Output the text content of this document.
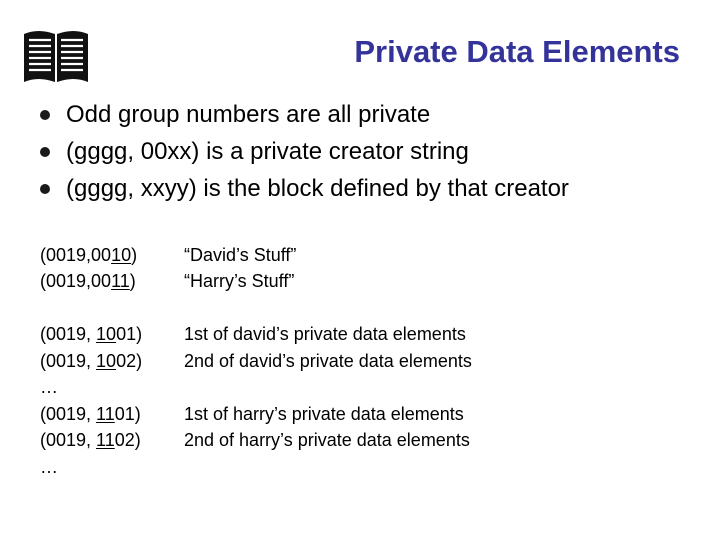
Private Data Elements
Odd group numbers are all private
(gggg, 00xx) is a private creator string
(gggg, xxyy) is the block defined by that creator
(0019,0010)	“David’s Stuff”
(0019,0011)	“Harry’s Stuff”
(0019, 1001)	1st of david’s private data elements
(0019, 1002)	2nd of david’s private data elements
…
(0019, 1101)	1st of harry’s private data elements
(0019, 1102)	2nd of harry’s private data elements
…
